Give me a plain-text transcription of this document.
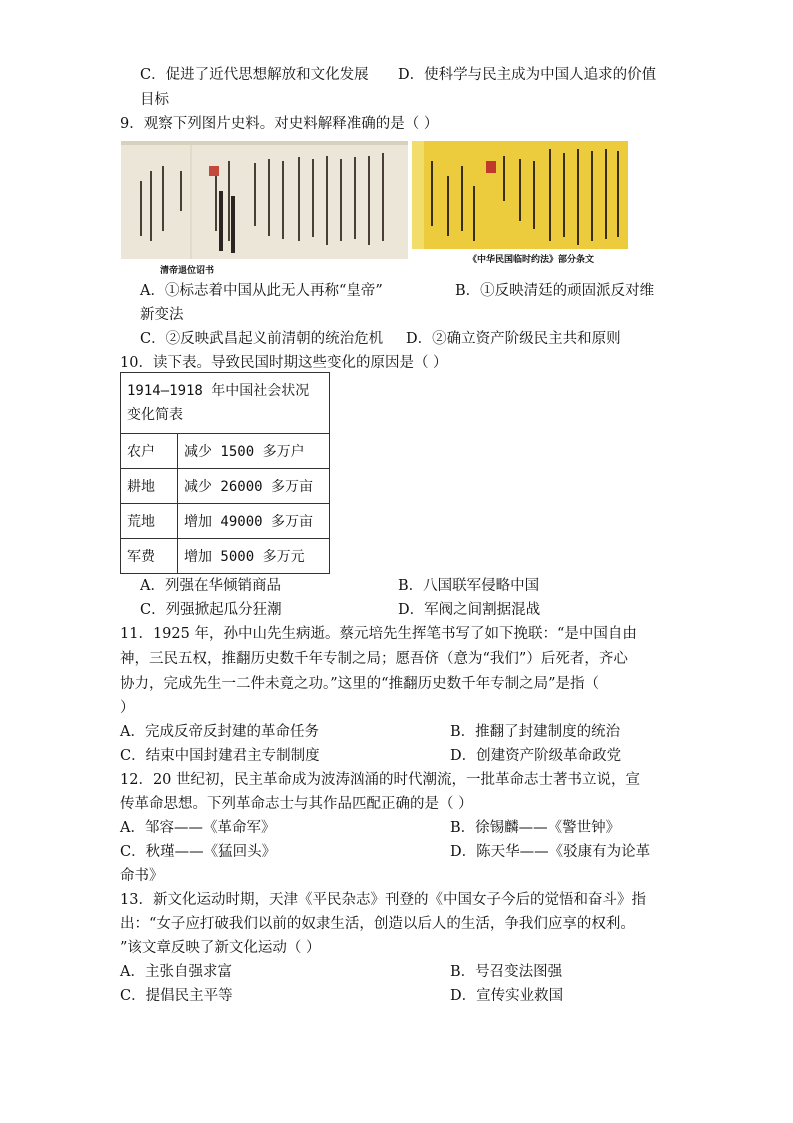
C．促进了近代思想解放和文化发展 D．使科学与民主成为中国人追求的价值
目标
9．观察下列图片史料。对史料解释准确的是（ ）
清帝退位诏书
《中华民国临时约法》部分条文
A．①标志着中国从此无人再称“皇帝”	B．①反映清廷的顽固派反对维
新变法
C．②反映武昌起义前清朝的统治危机 D．②确立资产阶级民主共和原则
10．读下表。导致民国时期这些变化的原因是（ ）
1914—1918 年中国社会状况
变化简表	

农户	减少 1500 多万户
耕地	减少 26000 多万亩
荒地	增加 49000 多万亩
军费	增加 5000 多万元
A．列强在华倾销商品	B．八国联军侵略中国
C．列强掀起瓜分狂潮	D．军阀之间割据混战
11．1925 年，孙中山先生病逝。蔡元培先生挥笔书写了如下挽联：“是中国自由
神，三民五权，推翻历史数千年专制之局；愿吾侪（意为“我们”）后死者，齐心
协力，完成先生一二件未竟之功。”这里的“推翻历史数千年专制之局”是指（
）
A．完成反帝反封建的革命任务	B．推翻了封建制度的统治
C．结束中国封建君主专制制度	D．创建资产阶级革命政党
12．20 世纪初，民主革命成为波涛汹涌的时代潮流，一批革命志士著书立说，宣
传革命思想。下列革命志士与其作品匹配正确的是（ ）
A．邹容——《革命军》	B．徐锡麟——《警世钟》
C．秋瑾——《猛回头》	D．陈天华——《驳康有为论革
命书》
13．新文化运动时期，天津《平民杂志》刊登的《中国女子今后的觉悟和奋斗》指
出：“女子应打破我们以前的奴隶生活，创造以后人的生活，争我们应享的权利。
”该文章反映了新文化运动（ ）
A．主张自强求富	B．号召变法图强
C．提倡民主平等	D．宣传实业救国
